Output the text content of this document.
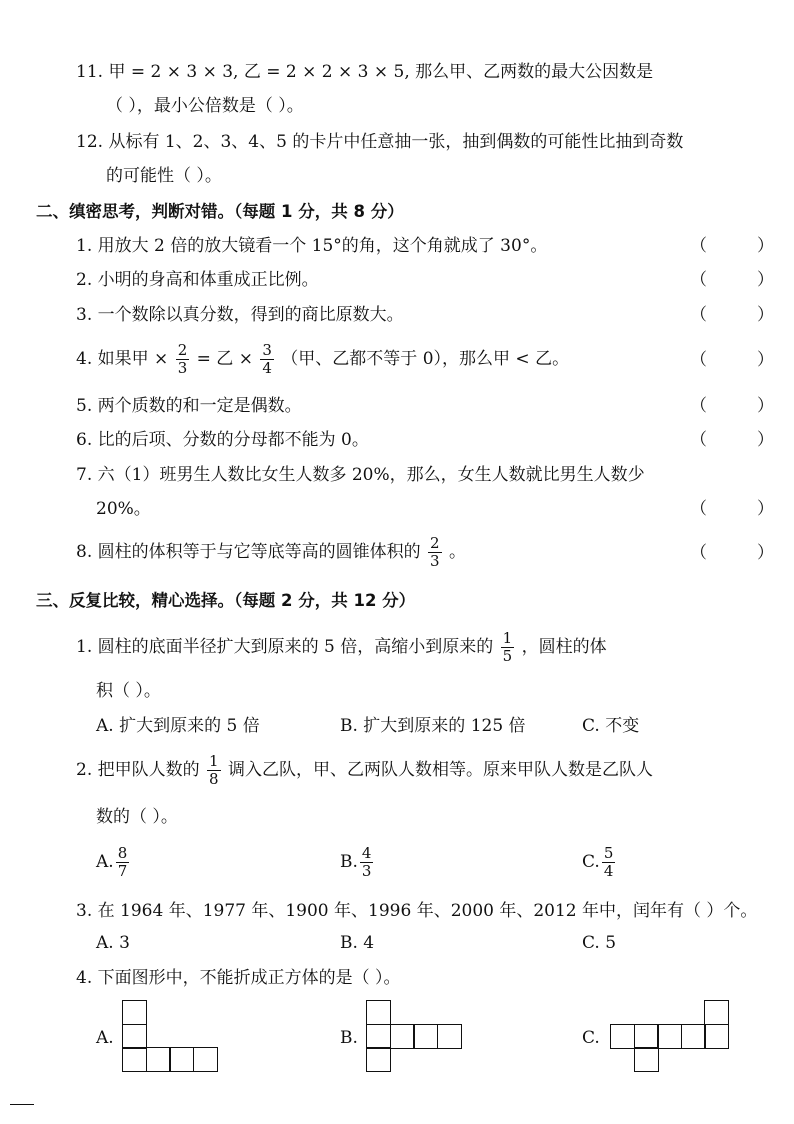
11. 甲 = 2 × 3 × 3, 乙 = 2 × 2 × 3 × 5, 那么甲、乙两数的最大公因数是
（ ），最小公倍数是（ ）。
12. 从标有 1、2、3、4、5 的卡片中任意抽一张，抽到偶数的可能性比抽到奇数
的可能性（ ）。
二、缜密思考，判断对错。（每题 1 分，共 8 分）
1. 用放大 2 倍的放大镜看一个 15°的角，这个角就成了 30°。	（	）
2. 小明的身高和体重成正比例。	（	）
3. 一个数除以真分数，得到的商比原数大。	（	）
4. 如果甲 × $\frac{2}{3}$ = 乙 × $\frac{3}{4}$ （甲、乙都不等于 0），那么甲 < 乙。	（	）
5. 两个质数的和一定是偶数。	（	）
6. 比的后项、分数的分母都不能为 0。	（	）
7. 六（1）班男生人数比女生人数多 20%，那么，女生人数就比男生人数少
20%。	（	）
8. 圆柱的体积等于与它等底等高的圆锥体积的 $\frac{2}{3}$ 。	（	）
三、反复比较，精心选择。（每题 2 分，共 12 分）
1. 圆柱的底面半径扩大到原来的 5 倍，高缩小到原来的 $\frac{1}{5}$ ，圆柱的体
积（ ）。
A. 扩大到原来的 5 倍	B. 扩大到原来的 125 倍	C. 不变
2. 把甲队人数的 $\frac{1}{8}$ 调入乙队，甲、乙两队人数相等。原来甲队人数是乙队人
数的（ ）。
A. $\frac{8}{7}$	B. $\frac{4}{3}$	C. $\frac{5}{4}$
3. 在 1964 年、1977 年、1900 年、1996 年、2000 年、2012 年中，闰年有（ ）个。
A. 3	B. 4	C. 5
4. 下面图形中，不能折成正方体的是（ ）。
A.	B.	C.
